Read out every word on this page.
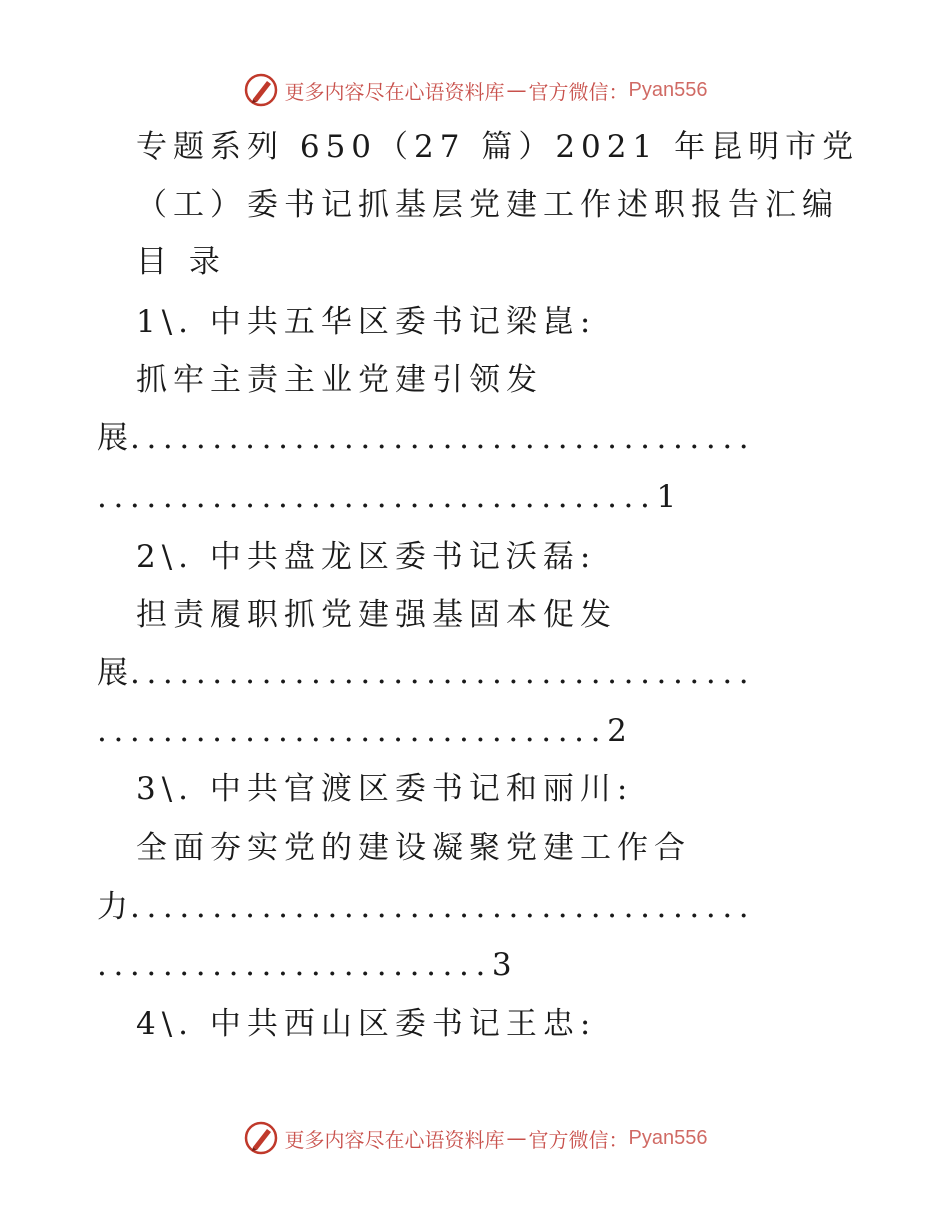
更多内容尽在心语资料库 — 官方微信： Pyan556
专题系列 650（27 篇）2021 年昆明市党
（工）委书记抓基层党建工作述职报告汇编
目 录
1\. 中共五华区委书记梁崑:
抓牢主责主业党建引领发
展......................................
..................................1
2\. 中共盘龙区委书记沃磊:
担责履职抓党建强基固本促发
展......................................
...............................2
3\. 中共官渡区委书记和丽川:
全面夯实党的建设凝聚党建工作合
力......................................
........................3
4\. 中共西山区委书记王忠:
更多内容尽在心语资料库 — 官方微信： Pyan556
